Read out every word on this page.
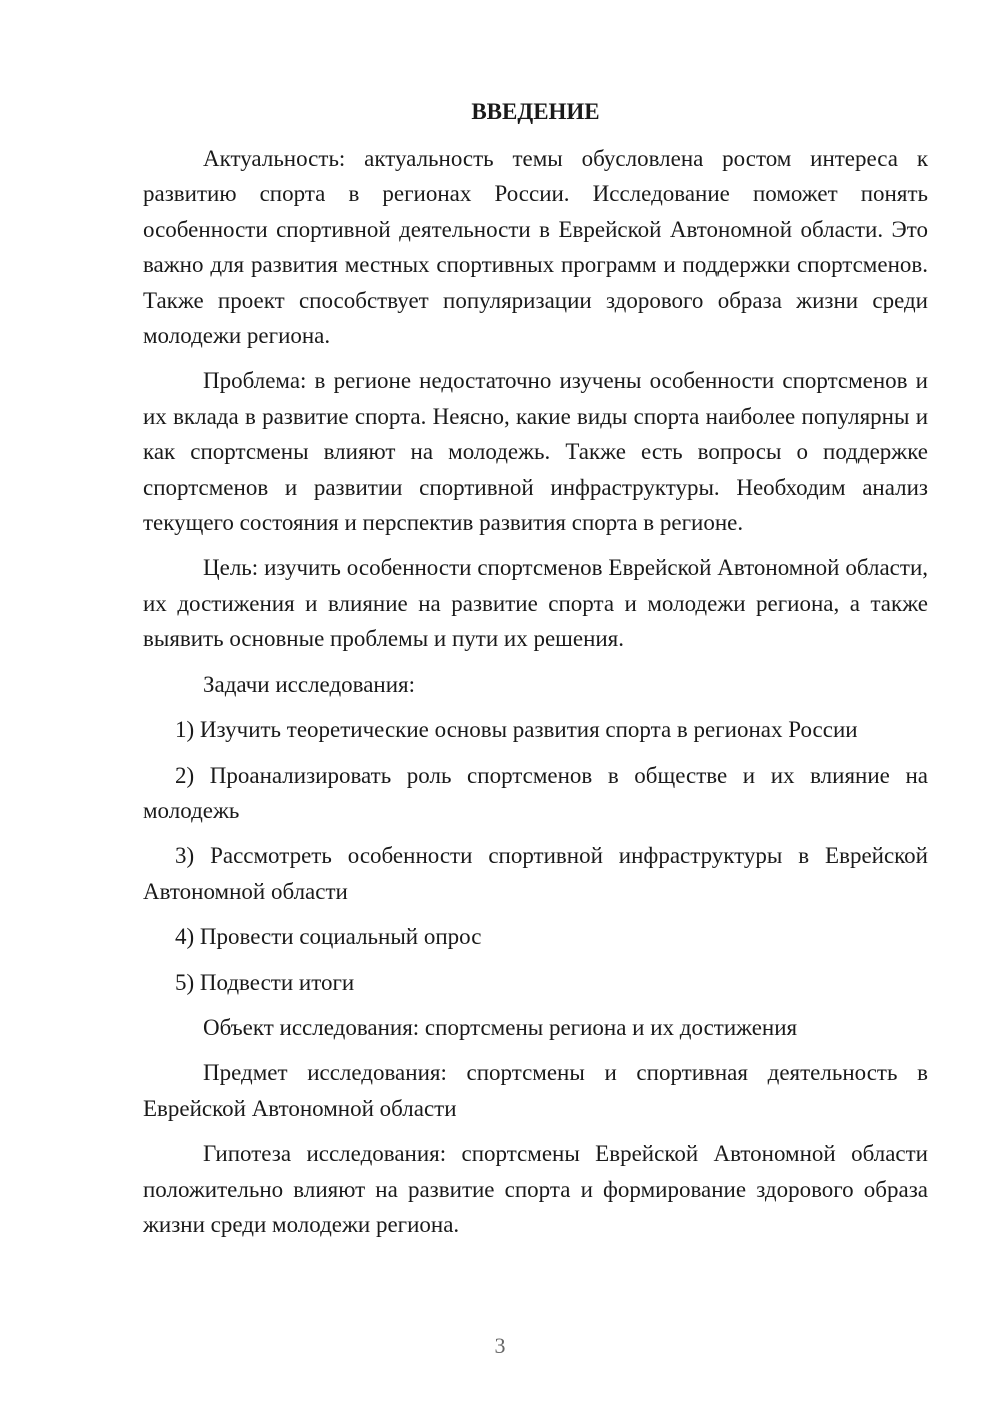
ВВЕДЕНИЕ

Актуальность: актуальность темы обусловлена ростом интереса к развитию спорта в регионах России. Исследование поможет понять особенности спортивной деятельности в Еврейской Автономной области. Это важно для развития местных спортивных программ и поддержки спортсменов. Также проект способствует популяризации здорового образа жизни среди молодежи региона.

Проблема: в регионе недостаточно изучены особенности спортсменов и их вклада в развитие спорта. Неясно, какие виды спорта наиболее популярны и как спортсмены влияют на молодежь. Также есть вопросы о поддержке спортсменов и развитии спортивной инфраструктуры. Необходим анализ текущего состояния и перспектив развития спорта в регионе.

Цель: изучить особенности спортсменов Еврейской Автономной области, их достижения и влияние на развитие спорта и молодежи региона, а также выявить основные проблемы и пути их решения.

Задачи исследования:

1) Изучить теоретические основы развития спорта в регионах России

2) Проанализировать роль спортсменов в обществе и их влияние на молодежь

3) Рассмотреть особенности спортивной инфраструктуры в Еврейской Автономной области

4) Провести социальный опрос

5) Подвести итоги

Объект исследования: спортсмены региона и их достижения

Предмет исследования: спортсмены и спортивная деятельность в Еврейской Автономной области

Гипотеза исследования: спортсмены Еврейской Автономной области положительно влияют на развитие спорта и формирование здорового образа жизни среди молодежи региона.

3
